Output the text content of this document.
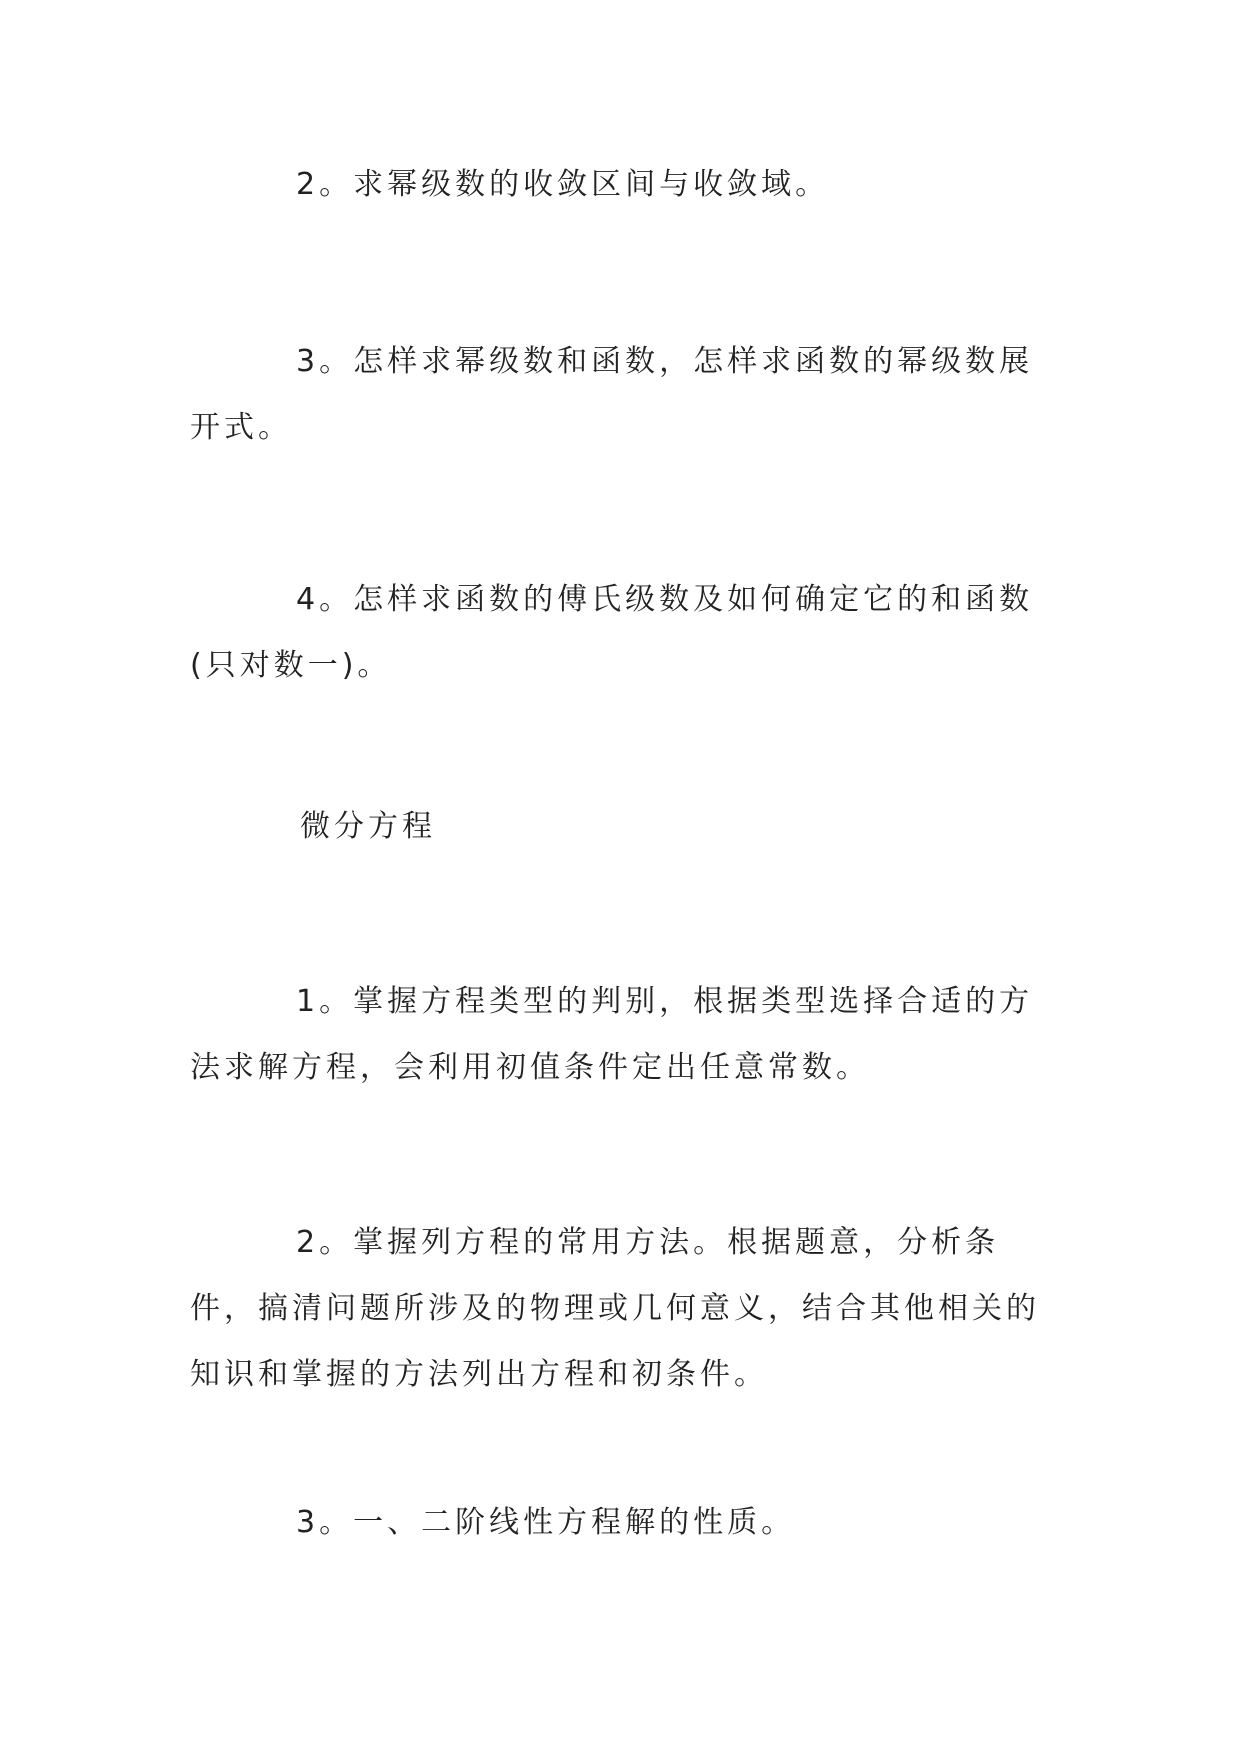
2。求幂级数的收敛区间与收敛域。

3。怎样求幂级数和函数，怎样求函数的幂级数展开式。

4。怎样求函数的傅氏级数及如何确定它的和函数(只对数一)。

微分方程

1。掌握方程类型的判别，根据类型选择合适的方法求解方程，会利用初值条件定出任意常数。

2。掌握列方程的常用方法。根据题意，分析条件，搞清问题所涉及的物理或几何意义，结合其他相关的知识和掌握的方法列出方程和初条件。

3。一、二阶线性方程解的性质。
